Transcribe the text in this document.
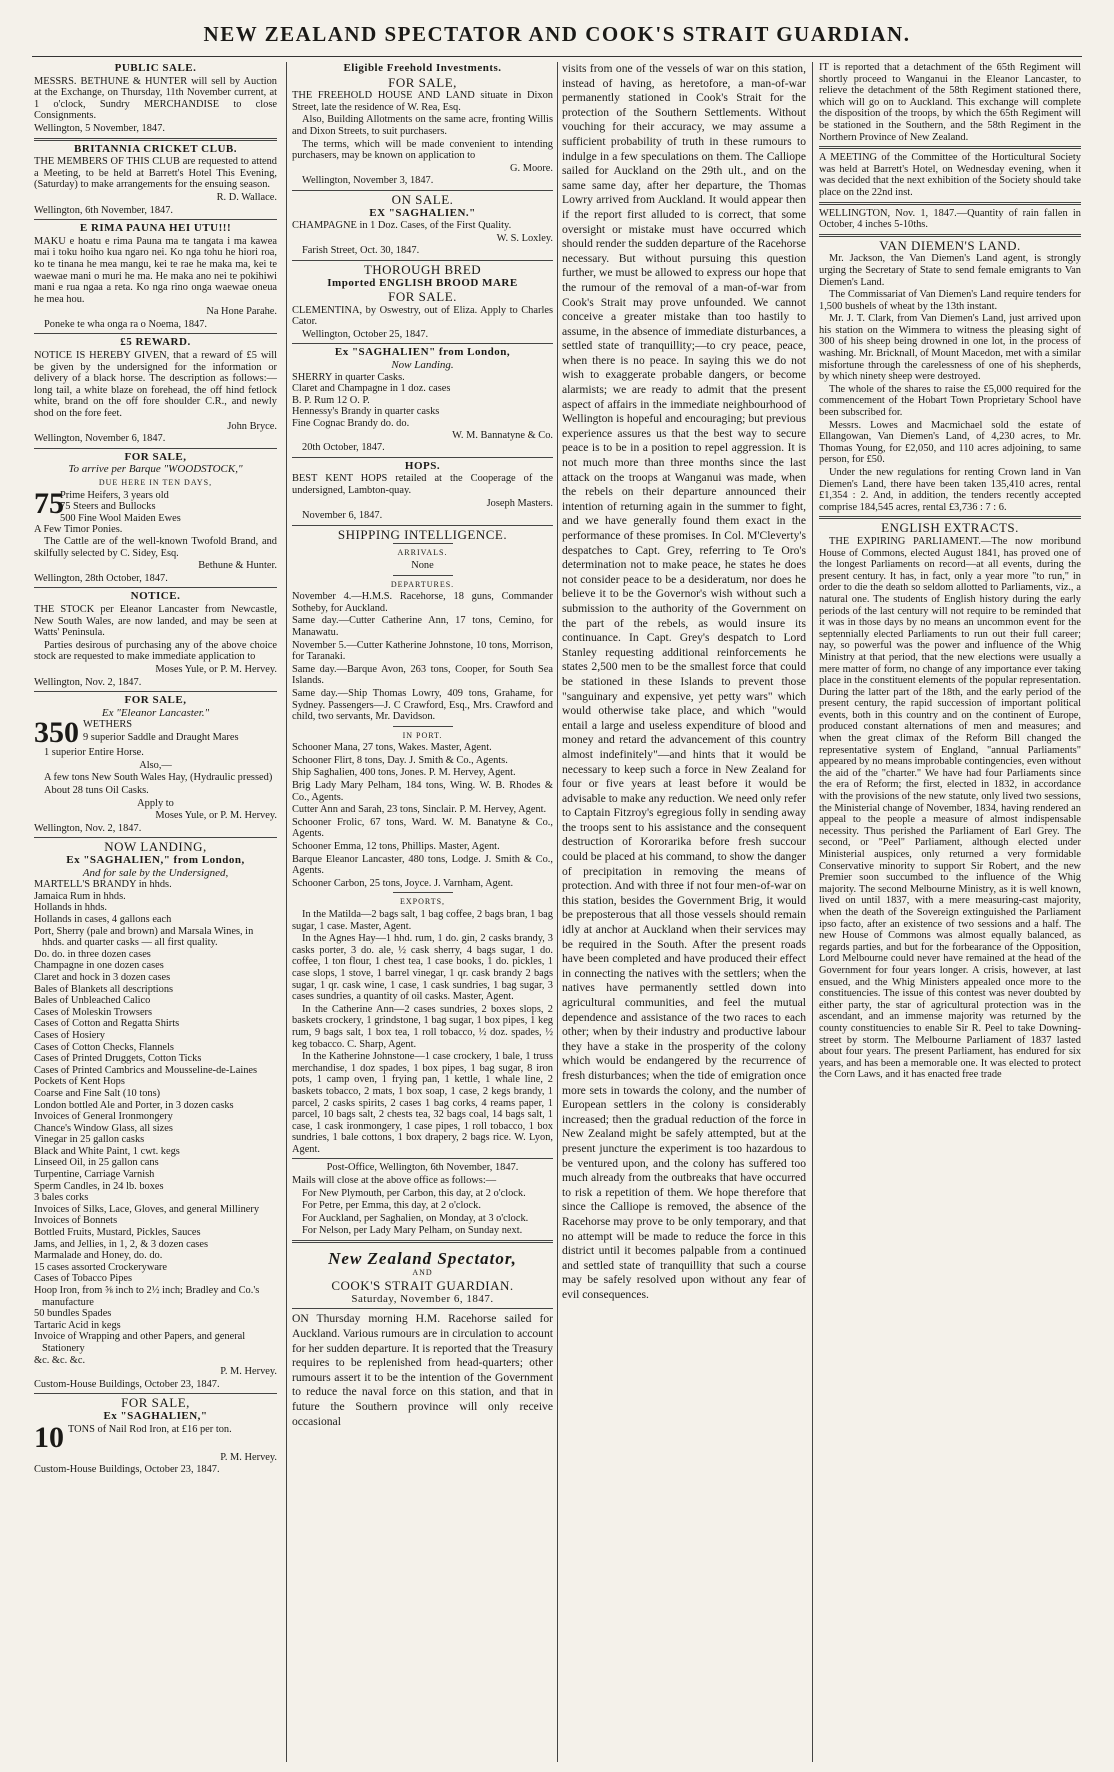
NEW ZEALAND SPECTATOR AND COOK'S STRAIT GUARDIAN.
PUBLIC SALE.

MESSRS. BETHUNE & HUNTER will sell by Auction at the Exchange, on Thursday, 11th November current, at 1 o'clock, Sundry MERCHANDISE to close Consignments.

Wellington, 5 November, 1847.

BRITANNIA CRICKET CLUB.

THE MEMBERS OF THIS CLUB are requested to attend a Meeting, to be held at Barrett's Hotel This Evening, (Saturday) to make arrangements for the ensuing season.

R. D. Wallace.

Wellington, 6th November, 1847.

E RIMA PAUNA HEI UTU!!!

MAKU e hoatu e rima Pauna ma te tangata i ma kawea mai i toku hoiho kua ngaro nei. Ko nga tohu he hiori roa, ko te tinana he mea mangu, kei te rae he maka ma, kei te waewae mani o muri he ma. He maka ano nei te pokihiwi mani e rua ngaa a reta. Ko nga rino onga waewae oneua he mea hou.

Na Hone Parahe.

Poneke te wha onga ra o Noema, 1847.

£5 REWARD.

NOTICE IS HEREBY GIVEN, that a reward of £5 will be given by the undersigned for the information or delivery of a black horse. The description as follows:—long tail, a white blaze on forehead, the off hind fetlock white, brand on the off fore shoulder C.R., and newly shod on the fore feet.

John Bryce.

Wellington, November 6, 1847.

FOR SALE,

To arrive per Barque "WOODSTOCK,"

DUE HERE IN TEN DAYS,
75
Prime Heifers, 3 years old
75 Steers and Bullocks
500 Fine Wool Maiden Ewes
A Few Timor Ponies.

The Cattle are of the well-known Twofold Brand, and skilfully selected by C. Sidey, Esq.

Bethune & Hunter.

Wellington, 28th October, 1847.

NOTICE.

THE STOCK per Eleanor Lancaster from Newcastle, New South Wales, are now landed, and may be seen at Watts' Peninsula.

Parties desirous of purchasing any of the above choice stock are requested to make immediate application to

Moses Yule, or P. M. Hervey.

Wellington, Nov. 2, 1847.

FOR SALE,

Ex "Eleanor Lancaster."

350 WETHERS

9 superior Saddle and Draught Mares

1 superior Entire Horse.

Also,—

A few tons New South Wales Hay, (Hydraulic pressed)

About 28 tuns Oil Casks.

Apply to

Moses Yule, or P. M. Hervey.

Wellington, Nov. 2, 1847.

NOW LANDING,
Ex "SAGHALIEN," from London,

And for sale by the Undersigned,

MARTELL'S BRANDY in hhds.
Jamaica Rum in hhds.
Hollands in hhds.
Hollands in cases, 4 gallons each
Port, Sherry (pale and brown) and Marsala Wines, in hhds. and quarter casks — all first quality.
Do. do. in three dozen cases
Champagne in one dozen cases
Claret and hock in 3 dozen cases
Bales of Blankets all descriptions
Bales of Unbleached Calico
Cases of Moleskin Trowsers
Cases of Cotton and Regatta Shirts
Cases of Hosiery
Cases of Cotton Checks, Flannels
Cases of Printed Druggets, Cotton Ticks
Cases of Printed Cambrics and Mousseline-de-Laines
Pockets of Kent Hops
Coarse and Fine Salt (10 tons)
London bottled Ale and Porter, in 3 dozen casks
Invoices of General Ironmongery
Chance's Window Glass, all sizes
Vinegar in 25 gallon casks
Black and White Paint, 1 cwt. kegs
Linseed Oil, in 25 gallon cans
Turpentine, Carriage Varnish
Sperm Candles, in 24 lb. boxes
3 bales corks
Invoices of Silks, Lace, Gloves, and general Millinery
Invoices of Bonnets
Bottled Fruits, Mustard, Pickles, Sauces
Jams, and Jellies, in 1, 2, & 3 dozen cases
Marmalade and Honey, do. do.
15 cases assorted Crockeryware
Cases of Tobacco Pipes
Hoop Iron, from ⅝ inch to 2½ inch; Bradley and Co.'s manufacture
50 bundles Spades
Tartaric Acid in kegs
Invoice of Wrapping and other Papers, and general Stationery
&c. &c. &c.

P. M. Hervey.

Custom-House Buildings, October 23, 1847.

FOR SALE,
Ex "SAGHALIEN,"
10 TONS of Nail Rod Iron, at £16 per ton.

P. M. Hervey.

Custom-House Buildings, October 23, 1847.

Eligible Freehold Investments.
FOR SALE,

THE FREEHOLD HOUSE AND LAND situate in Dixon Street, late the residence of W. Rea, Esq.

Also, Building Allotments on the same acre, fronting Willis and Dixon Streets, to suit purchasers.

The terms, which will be made convenient to intending purchasers, may be known on application to

G. Moore.

Wellington, November 3, 1847.

ON SALE.
EX "SAGHALIEN."

CHAMPAGNE in 1 Doz. Cases, of the First Quality.

W. S. Loxley.

Farish Street, Oct. 30, 1847.

THOROUGH BRED
Imported ENGLISH BROOD MARE
FOR SALE.

CLEMENTINA, by Oswestry, out of Eliza. Apply to Charles Cator.

Wellington, October 25, 1847.

Ex "SAGHALIEN" from London,

Now Landing.

SHERRY in quarter Casks.
Claret and Champagne in 1 doz. cases
B. P. Rum 12 O. P.
Hennessy's Brandy in quarter casks
Fine Cognac Brandy do. do.

W. M. Bannatyne & Co.

20th October, 1847.

HOPS.

BEST KENT HOPS retailed at the Cooperage of the undersigned, Lambton-quay.

Joseph Masters.

November 6, 1847.

SHIPPING INTELLIGENCE.
ARRIVALS.

None

DEPARTURES.

November 4.—H.M.S. Racehorse, 18 guns, Commander Sotheby, for Auckland.

Same day.—Cutter Catherine Ann, 17 tons, Cemino, for Manawatu.

November 5.—Cutter Katherine Johnstone, 10 tons, Morrison, for Taranaki.

Same day.—Barque Avon, 263 tons, Cooper, for South Sea Islands.

Same day.—Ship Thomas Lowry, 409 tons, Grahame, for Sydney. Passengers—J. C Crawford, Esq., Mrs. Crawford and child, two servants, Mr. Davidson.

IN PORT.

Schooner Mana, 27 tons, Wakes. Master, Agent.

Schooner Flirt, 8 tons, Day. J. Smith & Co., Agents.

Ship Saghalien, 400 tons, Jones. P. M. Hervey, Agent.

Brig Lady Mary Pelham, 184 tons, Wing. W. B. Rhodes & Co., Agents.

Cutter Ann and Sarah, 23 tons, Sinclair. P. M. Hervey, Agent.

Schooner Frolic, 67 tons, Ward. W. M. Banatyne & Co., Agents.

Schooner Emma, 12 tons, Phillips. Master, Agent.

Barque Eleanor Lancaster, 480 tons, Lodge. J. Smith & Co., Agents.

Schooner Carbon, 25 tons, Joyce. J. Varnham, Agent.

EXPORTS,

In the Matilda—2 bags salt, 1 bag coffee, 2 bags bran, 1 bag sugar, 1 case. Master, Agent.

In the Agnes Hay—1 hhd. rum, 1 do. gin, 2 casks brandy, 3 casks porter, 3 do. ale, ½ cask sherry, 4 bags sugar, 1 do. coffee, 1 ton flour, 1 chest tea, 1 case books, 1 do. pickles, 1 case slops, 1 stove, 1 barrel vinegar, 1 qr. cask brandy 2 bags sugar, 1 qr. cask wine, 1 case, 1 cask sundries, 1 bag sugar, 3 cases sundries, a quantity of oil casks. Master, Agent.

In the Catherine Ann—2 cases sundries, 2 boxes slops, 2 baskets crockery, 1 grindstone, 1 bag sugar, 1 box pipes, 1 keg rum, 9 bags salt, 1 box tea, 1 roll tobacco, ½ doz. spades, ½ keg tobacco. C. Sharp, Agent.

In the Katherine Johnstone—1 case crockery, 1 bale, 1 truss merchandise, 1 doz spades, 1 box pipes, 1 bag sugar, 8 iron pots, 1 camp oven, 1 frying pan, 1 kettle, 1 whale line, 2 baskets tobacco, 2 mats, 1 box soap, 1 case, 2 kegs brandy, 1 parcel, 2 casks spirits, 2 cases 1 bag corks, 4 reams paper, 1 parcel, 10 bags salt, 2 chests tea, 32 bags coal, 14 bags salt, 1 case, 1 cask ironmongery, 1 case pipes, 1 roll tobacco, 1 box sundries, 1 bale cottons, 1 box drapery, 2 bags rice. W. Lyon, Agent.

Post-Office, Wellington, 6th November, 1847.

Mails will close at the above office as follows:—

For New Plymouth, per Carbon, this day, at 2 o'clock.

For Petre, per Emma, this day, at 2 o'clock.

For Auckland, per Saghalien, on Monday, at 3 o'clock.

For Nelson, per Lady Mary Pelham, on Sunday next.

New Zealand Spectator,
AND
COOK'S STRAIT GUARDIAN.
Saturday, November 6, 1847.

ON Thursday morning H.M. Racehorse sailed for Auckland. Various rumours are in circulation to account for her sudden departure. It is reported that the Treasury requires to be replenished from head-quarters; other rumours assert it to be the intention of the Government to reduce the naval force on this station, and that in future the Southern province will only receive occasional

visits from one of the vessels of war on this station, instead of having, as heretofore, a man-of-war permanently stationed in Cook's Strait for the protection of the Southern Settlements. Without vouching for their accuracy, we may assume a sufficient probability of truth in these rumours to indulge in a few speculations on them. The Calliope sailed for Auckland on the 29th ult., and on the same same day, after her departure, the Thomas Lowry arrived from Auckland. It would appear then if the report first alluded to is correct, that some oversight or mistake must have occurred which should render the sudden departure of the Racehorse necessary. But without pursuing this question further, we must be allowed to express our hope that the rumour of the removal of a man-of-war from Cook's Strait may prove unfounded. We cannot conceive a greater mistake than too hastily to assume, in the absence of immediate disturbances, a settled state of tranquillity;—to cry peace, peace, when there is no peace. In saying this we do not wish to exaggerate probable dangers, or become alarmists; we are ready to admit that the present aspect of affairs in the immediate neighbourhood of Wellington is hopeful and encouraging; but previous experience assures us that the best way to secure peace is to be in a position to repel aggression. It is not much more than three months since the last attack on the troops at Wanganui was made, when the rebels on their departure announced their intention of returning again in the summer to fight, and we have generally found them exact in the performance of these promises. In Col. M'Cleverty's despatches to Capt. Grey, referring to Te Oro's determination not to make peace, he states he does not consider peace to be a desideratum, nor does he believe it to be the Governor's wish without such a submission to the authority of the Government on the part of the rebels, as would insure its continuance. In Capt. Grey's despatch to Lord Stanley requesting additional reinforcements he states 2,500 men to be the smallest force that could be stationed in these Islands to prevent those "sanguinary and expensive, yet petty wars" which would otherwise take place, and which "would entail a large and useless expenditure of blood and money and retard the advancement of this country almost indefinitely"—and hints that it would be necessary to keep such a force in New Zealand for four or five years at least before it would be advisable to make any reduction. We need only refer to Captain Fitzroy's egregious folly in sending away the troops sent to his assistance and the consequent destruction of Kororarika before fresh succour could be placed at his command, to show the danger of precipitation in removing the means of protection. And with three if not four men-of-war on this station, besides the Government Brig, it would be preposterous that all those vessels should remain idly at anchor at Auckland when their services may be required in the South. After the present roads have been completed and have produced their effect in connecting the natives with the settlers; when the natives have permanently settled down into agricultural communities, and feel the mutual dependence and assistance of the two races to each other; when by their industry and productive labour they have a stake in the prosperity of the colony which would be endangered by the recurrence of fresh disturbances; when the tide of emigration once more sets in towards the colony, and the number of European settlers in the colony is considerably increased; then the gradual reduction of the force in New Zealand might be safely attempted, but at the present juncture the experiment is too hazardous to be ventured upon, and the colony has suffered too much already from the outbreaks that have occurred to risk a repetition of them. We hope therefore that since the Calliope is removed, the absence of the Racehorse may prove to be only temporary, and that no attempt will be made to reduce the force in this district until it becomes palpable from a continued and settled state of tranquillity that such a course may be safely resolved upon without any fear of evil consequences.

IT is reported that a detachment of the 65th Regiment will shortly proceed to Wanganui in the Eleanor Lancaster, to relieve the detachment of the 58th Regiment stationed there, which will go on to Auckland. This exchange will complete the disposition of the troops, by which the 65th Regiment will be stationed in the Southern, and the 58th Regiment in the Northern Province of New Zealand.

A MEETING of the Committee of the Horticultural Society was held at Barrett's Hotel, on Wednesday evening, when it was decided that the next exhibition of the Society should take place on the 22nd inst.

WELLINGTON, Nov. 1, 1847.—Quantity of rain fallen in October, 4 inches 5-10ths.

VAN DIEMEN'S LAND.

Mr. Jackson, the Van Diemen's Land agent, is strongly urging the Secretary of State to send female emigrants to Van Diemen's Land.

The Commissariat of Van Diemen's Land require tenders for 1,500 bushels of wheat by the 13th instant.

Mr. J. T. Clark, from Van Diemen's Land, just arrived upon his station on the Wimmera to witness the pleasing sight of 300 of his sheep being drowned in one lot, in the process of washing. Mr. Bricknall, of Mount Macedon, met with a similar misfortune through the carelessness of one of his shepherds, by which ninety sheep were destroyed.

The whole of the shares to raise the £5,000 required for the commencement of the Hobart Town Proprietary School have been subscribed for.

Messrs. Lowes and Macmichael sold the estate of Ellangowan, Van Diemen's Land, of 4,230 acres, to Mr. Thomas Young, for £2,050, and 110 acres adjoining, to same person, for £50.

Under the new regulations for renting Crown land in Van Diemen's Land, there have been taken 135,410 acres, rental £1,354 : 2. And, in addition, the tenders recently accepted comprise 184,545 acres, rental £3,736 : 7 : 6.

ENGLISH EXTRACTS.

THE EXPIRING PARLIAMENT.—The now moribund House of Commons, elected August 1841, has proved one of the longest Parliaments on record—at all events, during the present century. It has, in fact, only a year more "to run," in order to die the death so seldom allotted to Parliaments, viz., a natural one. The students of English history during the early periods of the last century will not require to be reminded that it was in those days by no means an uncommon event for the septennially elected Parliaments to run out their full career; nay, so powerful was the power and influence of the Whig Ministry at that period, that the new elections were usually a mere matter of form, no change of any importance ever taking place in the constituent elements of the popular representation. During the latter part of the 18th, and the early period of the present century, the rapid succession of important political events, both in this country and on the continent of Europe, produced constant alternations of men and measures; and when the great climax of the Reform Bill changed the representative system of England, "annual Parliaments" appeared by no means improbable contingencies, even without the aid of the "charter." We have had four Parliaments since the era of Reform; the first, elected in 1832, in accordance with the provisions of the new statute, only lived two sessions, the Ministerial change of November, 1834, having rendered an appeal to the people a measure of almost indispensable necessity. Thus perished the Parliament of Earl Grey. The second, or "Peel" Parliament, although elected under Ministerial auspices, only returned a very formidable Conservative minority to support Sir Robert, and the new Premier soon succumbed to the influence of the Whig majority. The second Melbourne Ministry, as it is well known, lived on until 1837, with a mere measuring-cast majority, when the death of the Sovereign extinguished the Parliament ipso facto, after an existence of two sessions and a half. The new House of Commons was almost equally balanced, as regards parties, and but for the forbearance of the Opposition, Lord Melbourne could never have remained at the head of the Government for four years longer. A crisis, however, at last ensued, and the Whig Ministers appealed once more to the constituencies. The issue of this contest was never doubted by either party, the star of agricultural protection was in the ascendant, and an immense majority was returned by the county constituencies to enable Sir R. Peel to take Downing-street by storm. The Melbourne Parliament of 1837 lasted about four years. The present Parliament, has endured for six years, and has been a memorable one. It was elected to protect the Corn Laws, and it has enacted free trade
